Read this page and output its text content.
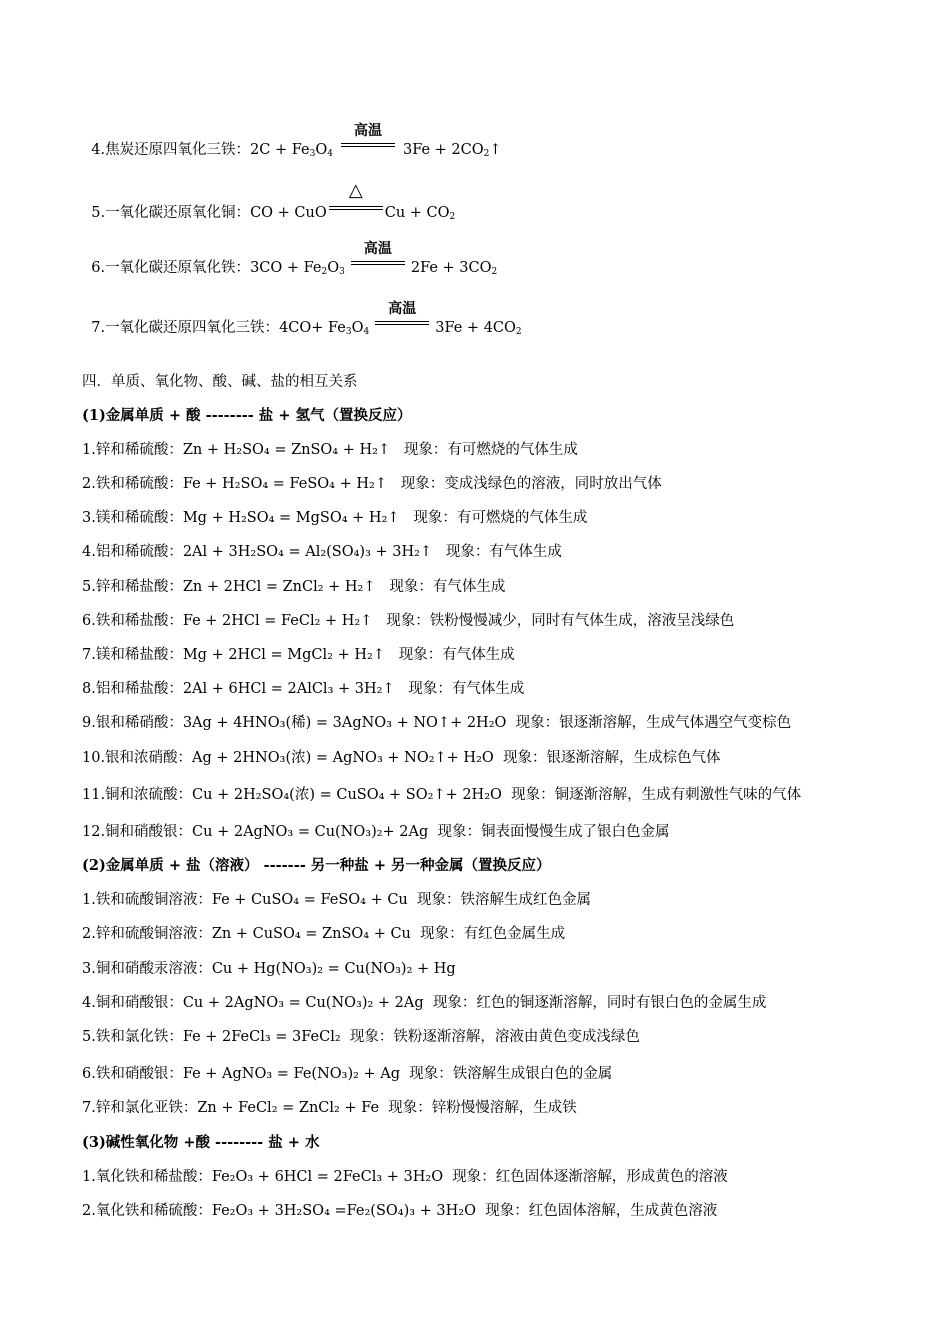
4.焦炭还原四氧化三铁：$2C + Fe_3O_4$
高温
$3Fe + 2CO_2↑$

5.一氧化碳还原氧化铜：CO + CuO
△
$Cu + CO_2$

6.一氧化碳还原氧化铁：$3CO + Fe_2O_3$
高温
$2Fe + 3CO_2$

7.一氧化碳还原四氧化三铁：$4CO+ Fe_3O_4$
高温
$3Fe + 4CO_2$

四．单质、氧化物、酸、碱、盐的相互关系
(1)金属单质 + 酸 -------- 盐 + 氢气（置换反应）
1.锌和稀硫酸：Zn + H₂SO₄ = ZnSO₄ + H₂↑   现象：有可燃烧的气体生成
2.铁和稀硫酸：Fe + H₂SO₄ = FeSO₄ + H₂↑   现象：变成浅绿色的溶液，同时放出气体
3.镁和稀硫酸：Mg + H₂SO₄ = MgSO₄ + H₂↑   现象：有可燃烧的气体生成
4.铝和稀硫酸：2Al + 3H₂SO₄ = Al₂(SO₄)₃ + 3H₂↑   现象：有气体生成
5.锌和稀盐酸：Zn + 2HCl = ZnCl₂ + H₂↑   现象：有气体生成
6.铁和稀盐酸：Fe + 2HCl = FeCl₂ + H₂↑   现象：铁粉慢慢减少，同时有气体生成，溶液呈浅绿色
7.镁和稀盐酸：Mg + 2HCl = MgCl₂ + H₂↑   现象：有气体生成
8.铝和稀盐酸：2Al + 6HCl = 2AlCl₃ + 3H₂↑   现象：有气体生成
9.银和稀硝酸：3Ag + 4HNO₃(稀) = 3AgNO₃ + NO↑+ 2H₂O  现象：银逐渐溶解，生成气体遇空气变棕色
10.银和浓硝酸：Ag + 2HNO₃(浓) = AgNO₃ + NO₂↑+ H₂O  现象：银逐渐溶解，生成棕色气体
11.铜和浓硫酸：Cu + 2H₂SO₄(浓) = CuSO₄ + SO₂↑+ 2H₂O  现象：铜逐渐溶解，生成有刺激性气味的气体
12.铜和硝酸银：Cu + 2AgNO₃ = Cu(NO₃)₂+ 2Ag  现象：铜表面慢慢生成了银白色金属
(2)金属单质 + 盐（溶液） ------- 另一种盐 + 另一种金属（置换反应）
1.铁和硫酸铜溶液：Fe + CuSO₄ = FeSO₄ + Cu  现象：铁溶解生成红色金属
2.锌和硫酸铜溶液：Zn + CuSO₄ = ZnSO₄ + Cu  现象：有红色金属生成
3.铜和硝酸汞溶液：Cu + Hg(NO₃)₂ = Cu(NO₃)₂ + Hg
4.铜和硝酸银：Cu + 2AgNO₃ = Cu(NO₃)₂ + 2Ag  现象：红色的铜逐渐溶解，同时有银白色的金属生成
5.铁和氯化铁：Fe + 2FeCl₃ = 3FeCl₂  现象：铁粉逐渐溶解，溶液由黄色变成浅绿色
6.铁和硝酸银：Fe + AgNO₃ = Fe(NO₃)₂ + Ag  现象：铁溶解生成银白色的金属
7.锌和氯化亚铁：Zn + FeCl₂ = ZnCl₂ + Fe  现象：锌粉慢慢溶解，生成铁
(3)碱性氧化物 +酸 -------- 盐 + 水
1.氧化铁和稀盐酸：Fe₂O₃ + 6HCl = 2FeCl₃ + 3H₂O  现象：红色固体逐渐溶解，形成黄色的溶液
2.氧化铁和稀硫酸：Fe₂O₃ + 3H₂SO₄ =Fe₂(SO₄)₃ + 3H₂O  现象：红色固体溶解，生成黄色溶液
